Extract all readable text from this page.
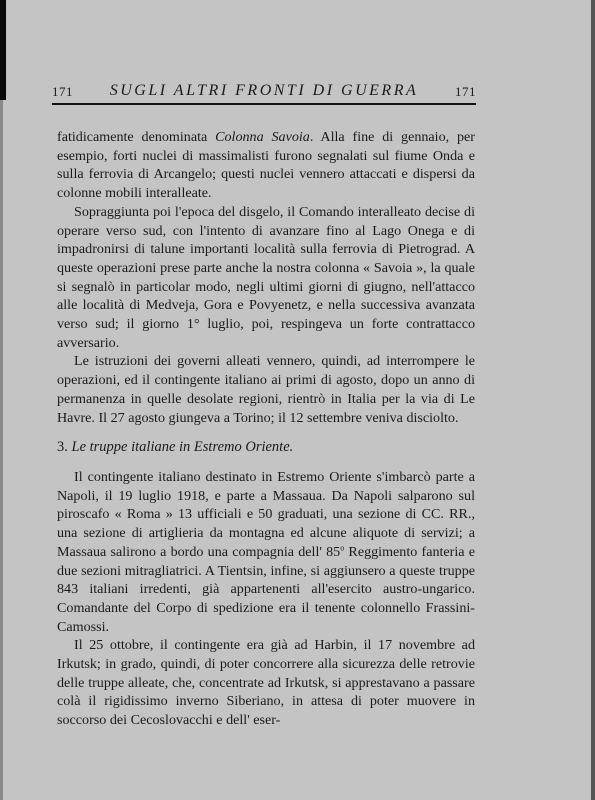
171 SUGLI ALTRI FRONTI DI GUERRA	171

fatidicamente denominata Colonna Savoia. Alla fine di gennaio, per esempio, forti nuclei di massimalisti furono segnalati sul fiume Onda e sulla ferrovia di Arcangelo; questi nuclei vennero attaccati e dispersi da colonne mobili interalleate.

Sopraggiunta poi l'epoca del disgelo, il Comando interalleato decise di operare verso sud, con l'intento di avanzare fino al Lago Onega e di impadronirsi di talune importanti località sulla ferrovia di Pietrograd. A queste operazioni prese parte anche la nostra colonna « Savoia », la quale si segnalò in particolar modo, negli ultimi giorni di giugno, nell'attacco alle località di Medveja, Gora e Povyenetz, e nella successiva avanzata verso sud; il giorno 1° luglio, poi, respingeva un forte contrattacco avversario.

Le istruzioni dei governi alleati vennero, quindi, ad interrompere le operazioni, ed il contingente italiano ai primi di agosto, dopo un anno di permanenza in quelle desolate regioni, rientrò in Italia per la via di Le Havre. Il 27 agosto giungeva a Torino; il 12 settembre veniva disciolto.

3. Le truppe italiane in Estremo Oriente.

Il contingente italiano destinato in Estremo Oriente s'imbarcò parte a Napoli, il 19 luglio 1918, e parte a Massaua. Da Napoli salparono sul piroscafo « Roma » 13 ufficiali e 50 graduati, una sezione di CC. RR., una sezione di artiglieria da montagna ed alcune aliquote di servizi; a Massaua salirono a bordo una compagnia dell' 85$^o$ Reggimento fanteria e due sezioni mitragliatrici. A Tientsin, infine, si aggiunsero a queste truppe 843 italiani irredenti, già appartenenti all'esercito austro-ungarico. Comandante del Corpo di spedizione era il tenente colonnello Frassini-Camossi.

Il 25 ottobre, il contingente era già ad Harbin, il 17 novembre ad Irkutsk; in grado, quindi, di poter concorrere alla sicurezza delle retrovie delle truppe alleate, che, concentrate ad Irkutsk, si apprestavano a passare colà il rigidissimo inverno Siberiano, in attesa di poter muovere in soccorso dei Cecoslovacchi e dell' eser-
